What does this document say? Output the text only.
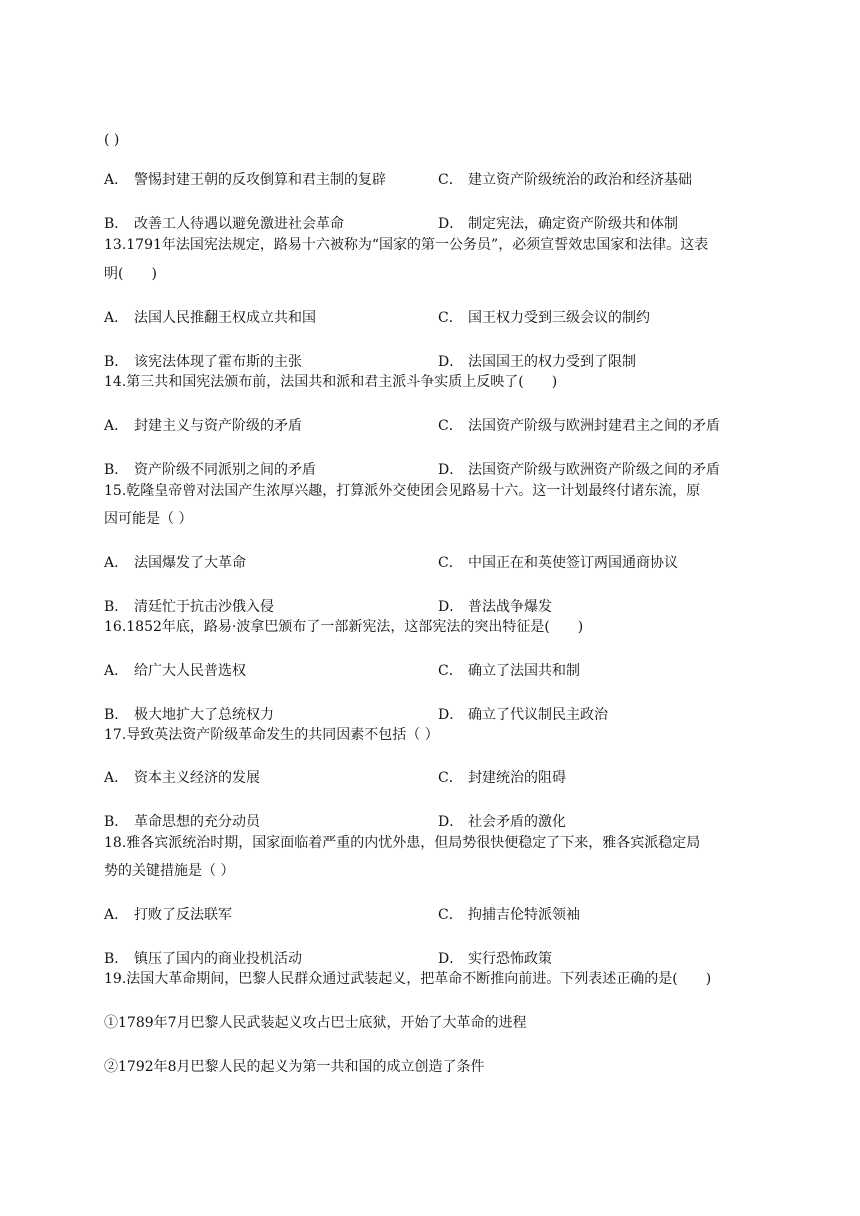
( )
A． 警惕封建王朝的反攻倒算和君主制的复辟	C． 建立资产阶级统治的政治和经济基础
B． 改善工人待遇以避免激进社会革命	D． 制定宪法，确定资产阶级共和体制
13.1791年法国宪法规定，路易十六被称为“国家的第一公务员”，必须宣誓效忠国家和法律。这表
明(　　)
A． 法国人民推翻王权成立共和国	C． 国王权力受到三级会议的制约
B． 该宪法体现了霍布斯的主张	D． 法国国王的权力受到了限制
14.第三共和国宪法颁布前，法国共和派和君主派斗争实质上反映了(　　)
A． 封建主义与资产阶级的矛盾	C． 法国资产阶级与欧洲封建君主之间的矛盾
B． 资产阶级不同派别之间的矛盾	D． 法国资产阶级与欧洲资产阶级之间的矛盾
15.乾隆皇帝曾对法国产生浓厚兴趣，打算派外交使团会见路易十六。这一计划最终付诸东流，原
因可能是（ ）
A． 法国爆发了大革命	C． 中国正在和英使签订两国通商协议
B． 清廷忙于抗击沙俄入侵	D． 普法战争爆发
16.1852年底，路易·波拿巴颁布了一部新宪法，这部宪法的突出特征是(　　)
A． 给广大人民普选权	C． 确立了法国共和制
B． 极大地扩大了总统权力	D． 确立了代议制民主政治
17.导致英法资产阶级革命发生的共同因素不包括（ ）
A． 资本主义经济的发展	C． 封建统治的阻碍
B． 革命思想的充分动员	D． 社会矛盾的激化
18.雅各宾派统治时期，国家面临着严重的内忧外患，但局势很快便稳定了下来，雅各宾派稳定局
势的关键措施是（ ）
A． 打败了反法联军	C． 拘捕吉伦特派领袖
B． 镇压了国内的商业投机活动	D． 实行恐怖政策
19.法国大革命期间，巴黎人民群众通过武装起义，把革命不断推向前进。下列表述正确的是(　　)
①1789年7月巴黎人民武装起义攻占巴士底狱，开始了大革命的进程
②1792年8月巴黎人民的起义为第一共和国的成立创造了条件
